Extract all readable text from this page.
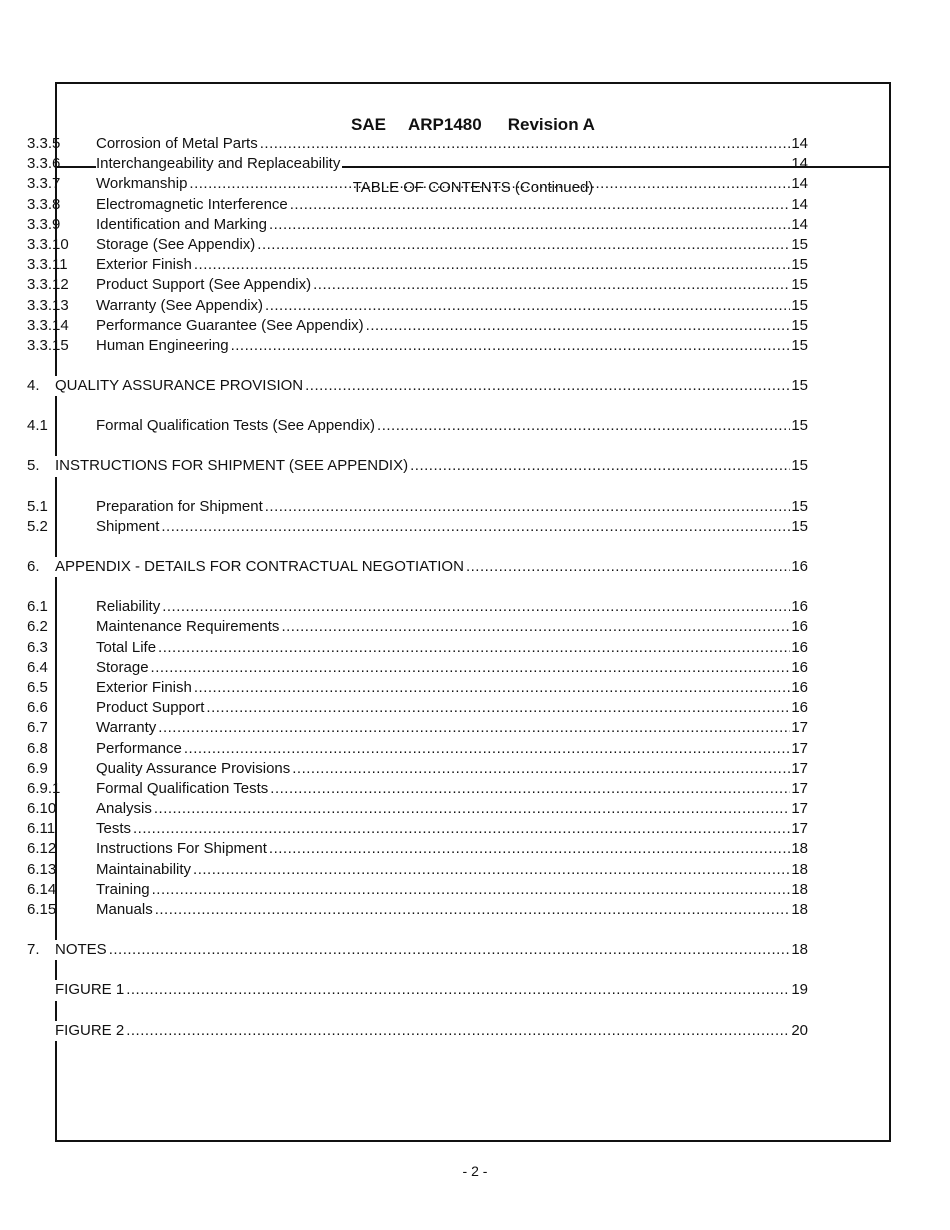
SAE ARP1480 Revision A
TABLE OF CONTENTS (Continued)
3.3.5 Corrosion of Metal Parts .....	14
3.3.6 Interchangeability and Replaceability .....	14
3.3.7 Workmanship .....	14
3.3.8 Electromagnetic Interference .....	14
3.3.9 Identification and Marking .....	14
3.3.10 Storage (See Appendix) .....	15
3.3.11 Exterior Finish .....	15
3.3.12 Product Support (See Appendix) .....	15
3.3.13 Warranty (See Appendix) .....	15
3.3.14 Performance Guarantee (See Appendix) .....	15
3.3.15 Human Engineering .....	15
4. QUALITY ASSURANCE PROVISION .....	15
4.1	Formal Qualification Tests (See Appendix) .....	15
5. INSTRUCTIONS FOR SHIPMENT (SEE APPENDIX) .....	15
5.1	Preparation for Shipment .....	15
5.2	Shipment .....	15
6. APPENDIX - DETAILS FOR CONTRACTUAL NEGOTIATION .....	16
6.1	Reliability .....	16
6.2	Maintenance Requirements .....	16
6.3	Total Life .....	16
6.4	Storage .....	16
6.5	Exterior Finish .....	16
6.6	Product Support .....	16
6.7	Warranty .....	17
6.8	Performance .....	17
6.9	Quality Assurance Provisions .....	17
6.9.1 Formal Qualification Tests .....	17
6.10	Analysis .....	17
6.11	Tests .....	17
6.12	Instructions For Shipment .....	18
6.13	Maintainability .....	18
6.14	Training .....	18
6.15	Manuals .....	18
7. NOTES .....	18
FIGURE 1 .....	19
FIGURE 2 .....	20
- 2 -
